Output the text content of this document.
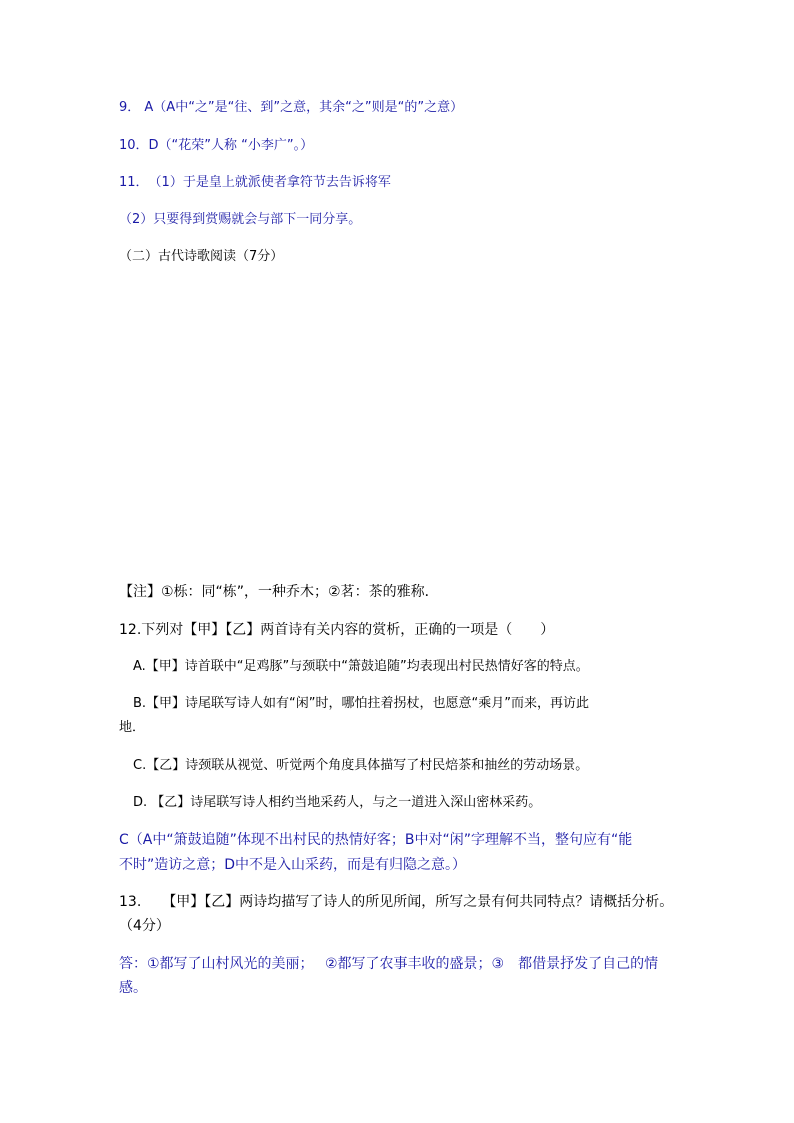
9． A（A中“之”是“往、到”之意，其余“之”则是“的”之意）
10．D（“花荣”人称 “小李广”。）
11．　（1）于是皇上就派使者拿符节去告诉将军
（2）只要得到赏赐就会与部下一同分享。
（二）古代诗歌阅读（7分）
【注】①栎：同“栋”，一种乔木；②茗：茶的雅称．
12.下列对【甲】【乙】两首诗有关内容的赏析，正确的一项是（　　）
A.【甲】诗首联中“足鸡豚”与颈联中“箫鼓追随”均表现出村民热情好客的特点。
B.【甲】诗尾联写诗人如有“闲”时，哪怕拄着拐杖，也愿意“乘月”而来，再访此
地．
C.【乙】诗颈联从视觉、听觉两个角度具体描写了村民焙茶和抽丝的劳动场景。
D. 【乙】诗尾联写诗人相约当地采药人，与之一道进入深山密林采药。
C（A中“箫鼓追随”体现不出村民的热情好客；B中对“闲”字理解不当，整句应有“能
不时”造访之意；D中不是入山采药，而是有归隐之意。）
13.　　【甲】【乙】两诗均描写了诗人的所见所闻，所写之景有何共同特点？请概括分析。
（4分）
答：①都写了山村风光的美丽；　 ②都写了农事丰收的盛景；③　都借景抒发了自己的情
感。
